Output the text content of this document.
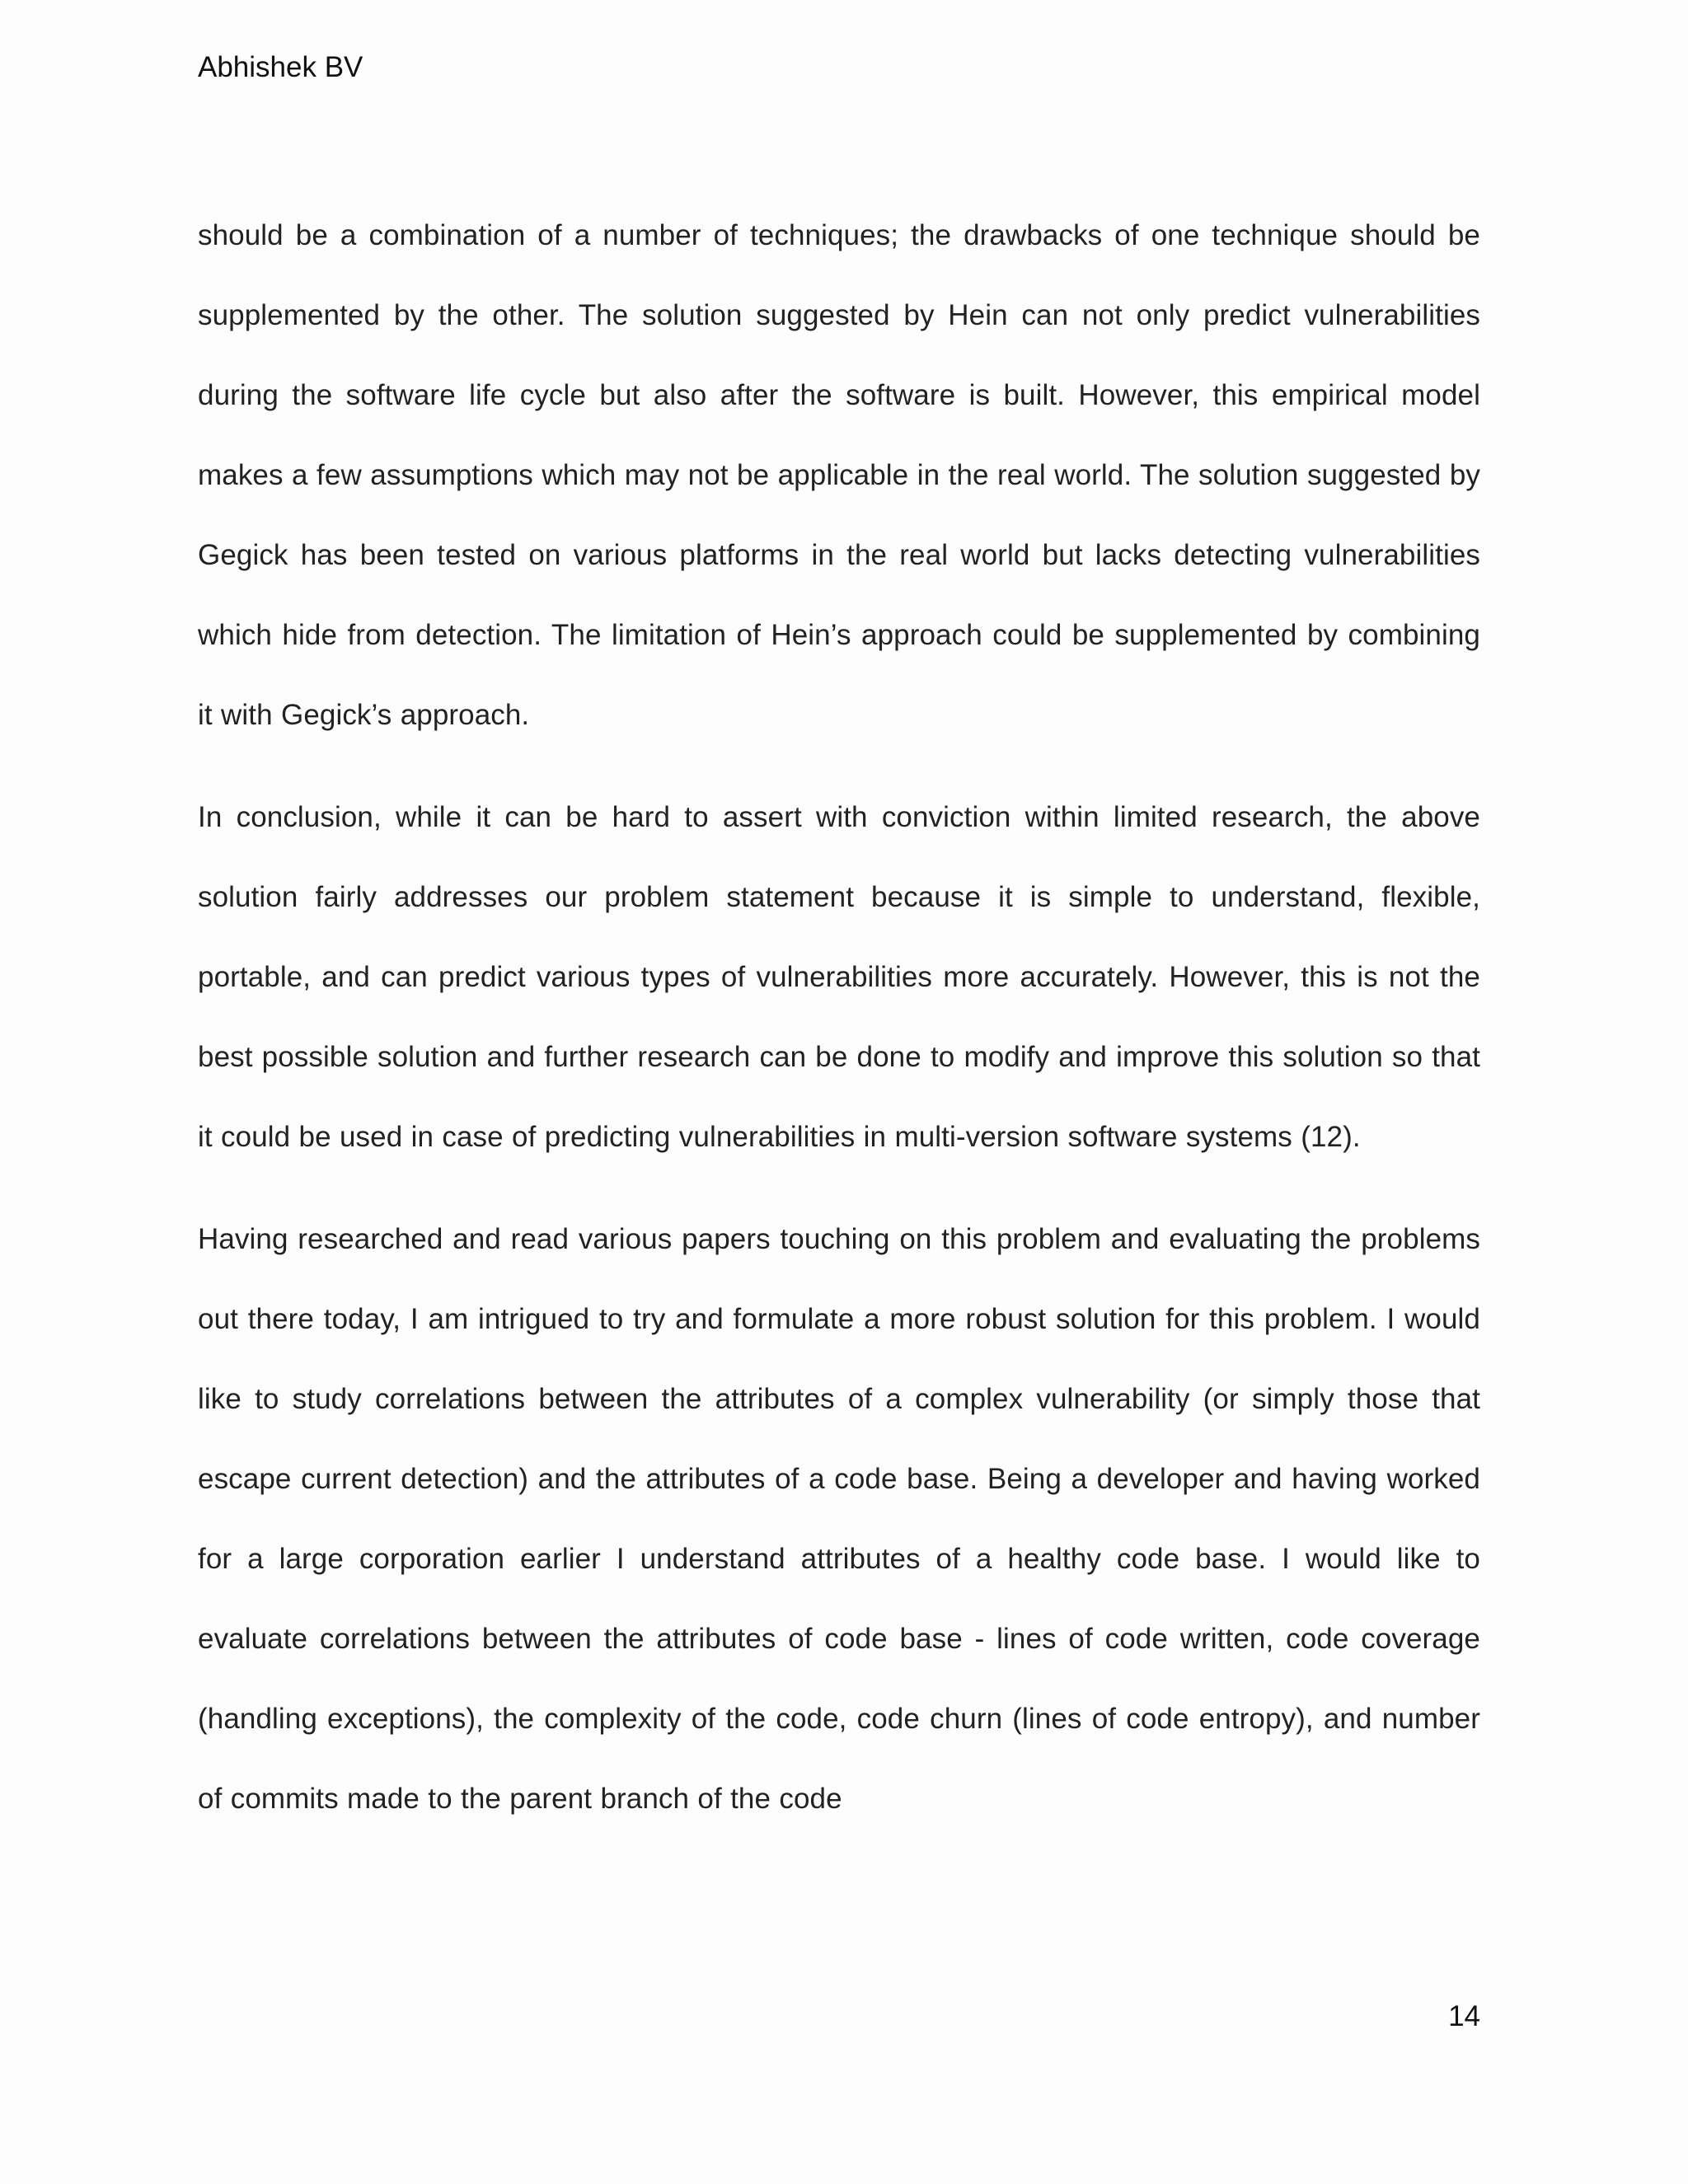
Abhishek BV

should be a combination of a number of techniques; the drawbacks of one technique should be supplemented by the other. The solution suggested by Hein can not only predict vulnerabilities during the software life cycle but also after the software is built. However, this empirical model makes a few assumptions which may not be applicable in the real world. The solution suggested by Gegick has been tested on various platforms in the real world but lacks detecting vulnerabilities which hide from detection. The limitation of Hein’s approach could be supplemented by combining it with Gegick’s approach.

In conclusion, while it can be hard to assert with conviction within limited research, the above solution fairly addresses our problem statement because it is simple to understand, flexible, portable, and can predict various types of vulnerabilities more accurately. However, this is not the best possible solution and further research can be done to modify and improve this solution so that it could be used in case of predicting vulnerabilities in multi-version software systems (12).

Having researched and read various papers touching on this problem and evaluating the problems out there today, I am intrigued to try and formulate a more robust solution for this problem. I would like to study correlations between the attributes of a complex vulnerability (or simply those that escape current detection) and the attributes of a code base. Being a developer and having worked for a large corporation earlier I understand attributes of a healthy code base. I would like to evaluate correlations between the attributes of code base - lines of code written, code coverage (handling exceptions), the complexity of the code, code churn (lines of code entropy), and number of commits made to the parent branch of the code

14
